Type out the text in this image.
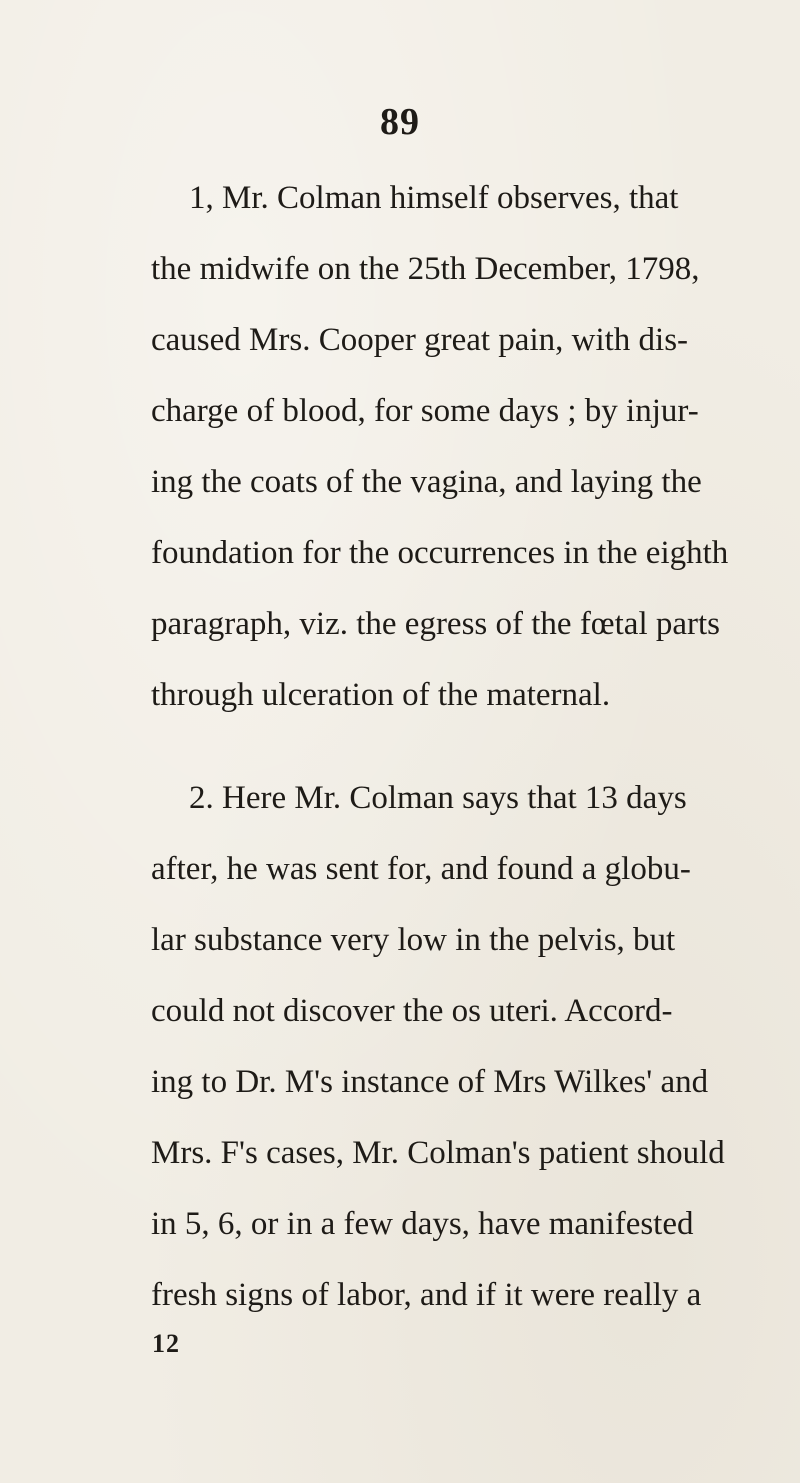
89
1, Mr. Colman himself observes, that
the midwife on the 25th December, 1798,
caused Mrs. Cooper great pain, with dis-
charge of blood, for some days ; by injur-
ing the coats of the vagina, and laying the
foundation for the occurrences in the eighth
paragraph, viz. the egress of the fœtal parts
through ulceration of the maternal.
2. Here Mr. Colman says that 13 days
after, he was sent for, and found a globu-
lar substance very low in the pelvis, but
could not discover the os uteri. Accord-
ing to Dr. M's instance of Mrs Wilkes' and
Mrs. F's cases, Mr. Colman's patient should
in 5, 6, or in a few days, have manifested
fresh signs of labor, and if it were really a
12
